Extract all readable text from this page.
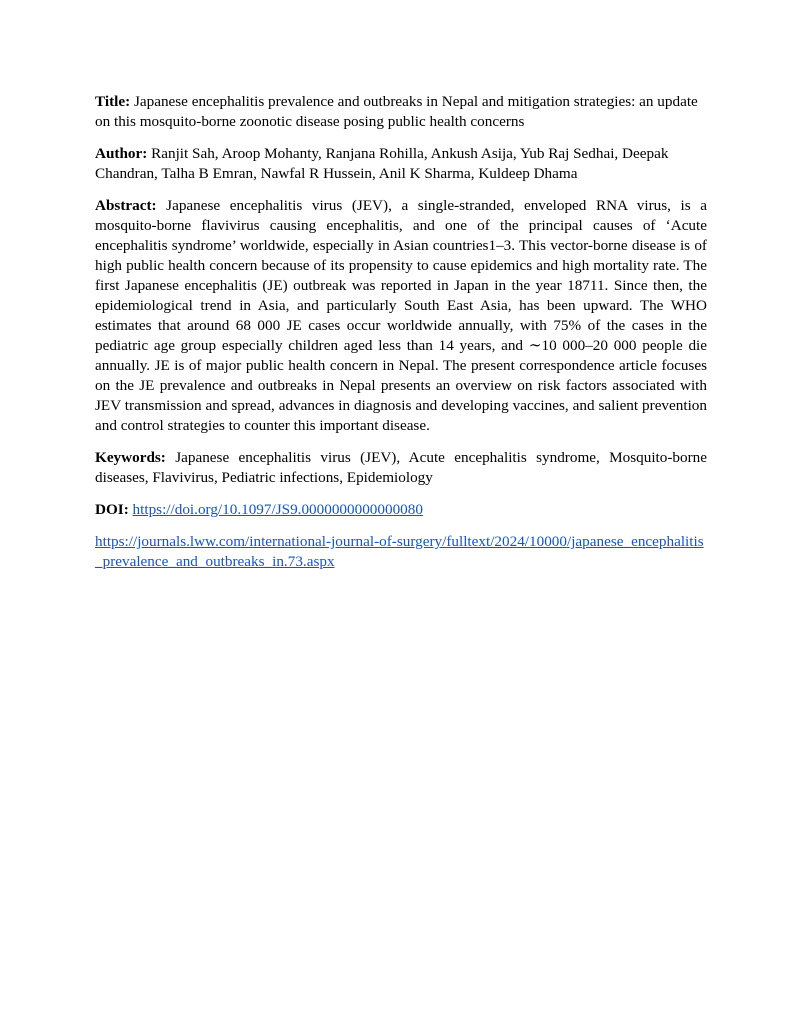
Title: Japanese encephalitis prevalence and outbreaks in Nepal and mitigation strategies: an update on this mosquito-borne zoonotic disease posing public health concerns

Author: Ranjit Sah, Aroop Mohanty, Ranjana Rohilla, Ankush Asija, Yub Raj Sedhai, Deepak Chandran, Talha B Emran, Nawfal R Hussein, Anil K Sharma, Kuldeep Dhama

Abstract: Japanese encephalitis virus (JEV), a single-stranded, enveloped RNA virus, is a mosquito-borne flavivirus causing encephalitis, and one of the principal causes of ‘Acute encephalitis syndrome’ worldwide, especially in Asian countries1–3. This vector-borne disease is of high public health concern because of its propensity to cause epidemics and high mortality rate. The first Japanese encephalitis (JE) outbreak was reported in Japan in the year 18711. Since then, the epidemiological trend in Asia, and particularly South East Asia, has been upward. The WHO estimates that around 68 000 JE cases occur worldwide annually, with 75% of the cases in the pediatric age group especially children aged less than 14 years, and ∼10 000–20 000 people die annually. JE is of major public health concern in Nepal. The present correspondence article focuses on the JE prevalence and outbreaks in Nepal presents an overview on risk factors associated with JEV transmission and spread, advances in diagnosis and developing vaccines, and salient prevention and control strategies to counter this important disease.

Keywords: Japanese encephalitis virus (JEV), Acute encephalitis syndrome, Mosquito-borne diseases, Flavivirus, Pediatric infections, Epidemiology

DOI: https://doi.org/10.1097/JS9.0000000000000080

https://journals.lww.com/international-journal-of-surgery/fulltext/2024/10000/japanese_encephalitis_prevalence_and_outbreaks_in.73.aspx
